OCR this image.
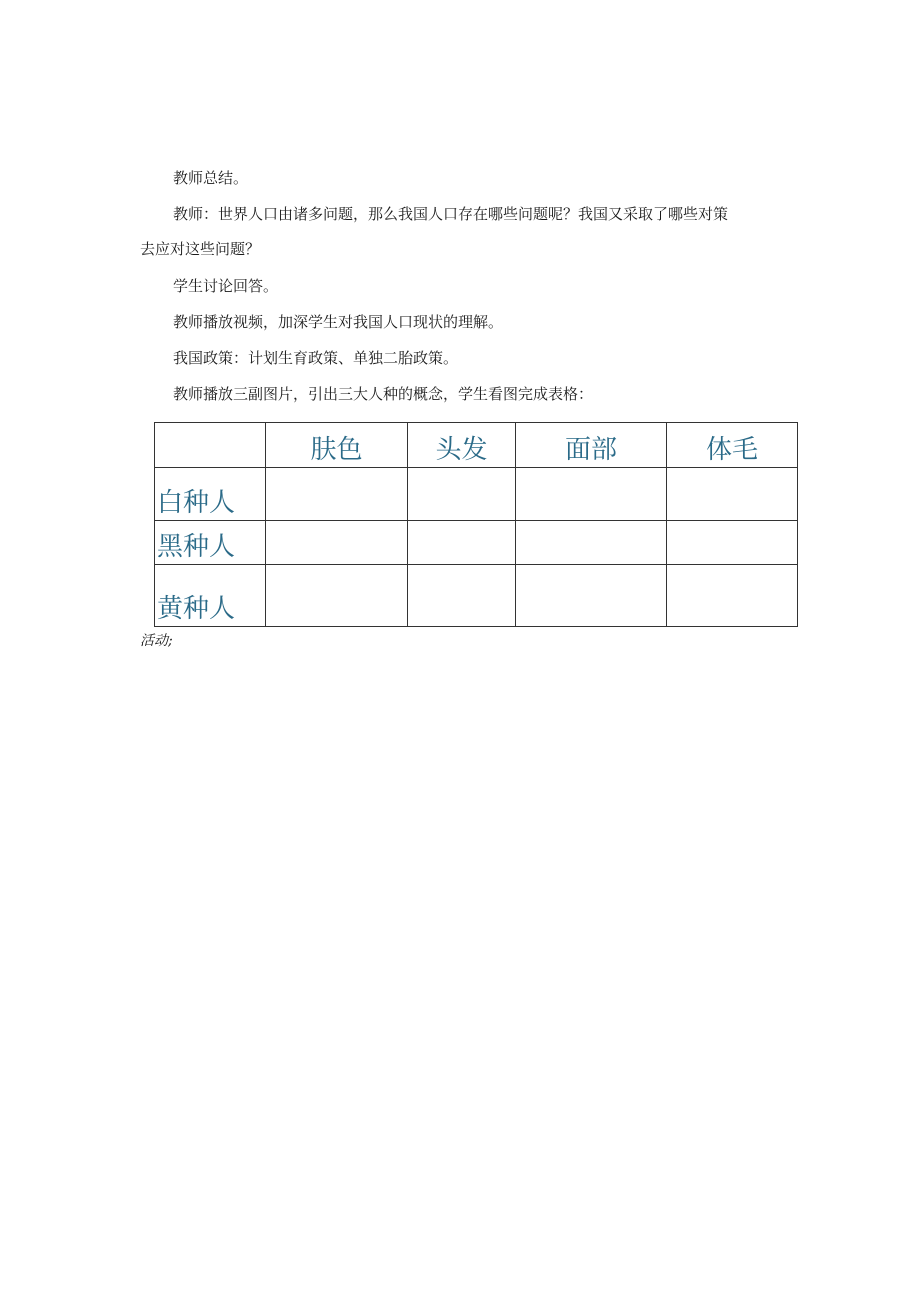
教师总结。
教师：世界人口由诸多问题，那么我国人口存在哪些问题呢？我国又采取了哪些对策
去应对这些问题？
学生讨论回答。
教师播放视频，加深学生对我国人口现状的理解。
我国政策：计划生育政策、单独二胎政策。
教师播放三副图片，引出三大人种的概念，学生看图完成表格：
	肤色	头发	面部	体毛
白种人				
黑种人				
黄种人				
活动;
